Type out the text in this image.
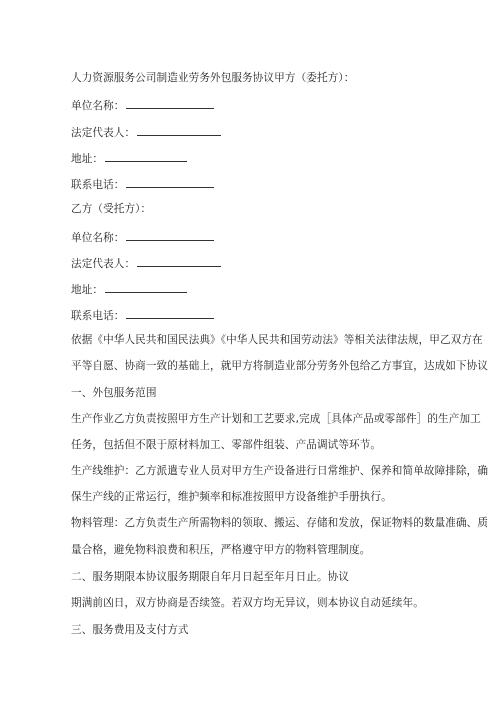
人力资源服务公司制造业劳务外包服务协议甲方（委托方）：
单位名称：
法定代表人：
地址：
联系电话：
乙方（受托方）：
单位名称：
法定代表人：
地址：
联系电话：
依据《中华人民共和国民法典》《中华人民共和国劳动法》等相关法律法规，甲乙双方在
平等自愿、协商一致的基础上，就甲方将制造业部分劳务外包给乙方事宜，达成如下协议
一、外包服务范围
生产作业乙方负责按照甲方生产计划和工艺要求,完成［具体产品或零部件］的生产加工
任务，包括但不限于原材料加工、零部件组装、产品调试等环节。
生产线维护：乙方派遣专业人员对甲方生产设备进行日常维护、保养和简单故障排除，确
保生产线的正常运行，维护频率和标准按照甲方设备维护手册执行。
物料管理：乙方负责生产所需物料的领取、搬运、存储和发放，保证物料的数量准确、质
量合格，避免物料浪费和积压，严格遵守甲方的物料管理制度。
二、服务期限本协议服务期限自年月日起至年月日止。协议
期满前凶日，双方协商是否续签。若双方均无异议，则本协议自动延续年。
三、服务费用及支付方式
